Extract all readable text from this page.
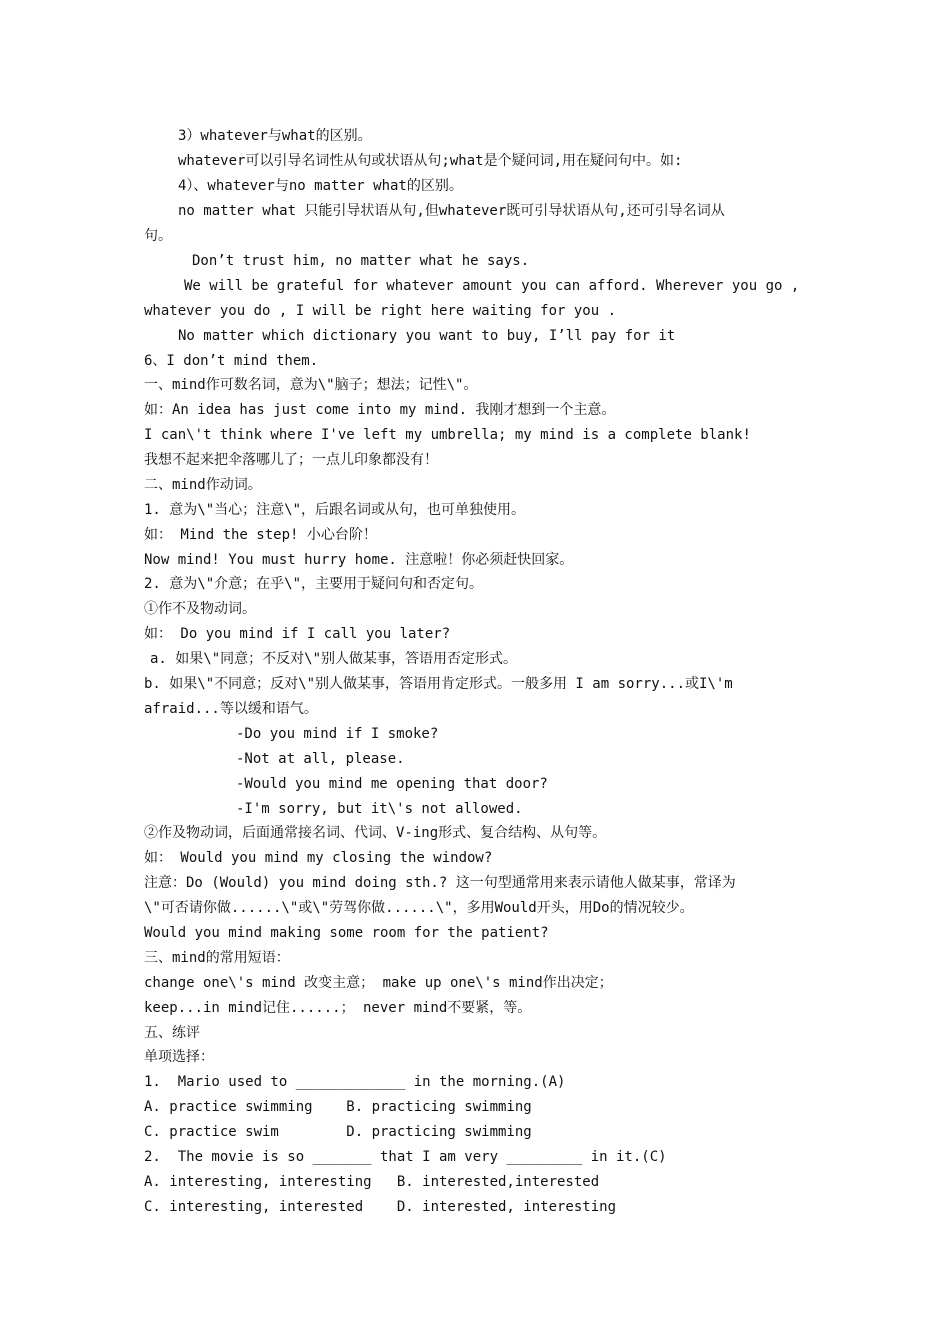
3）whatever与what的区别。
whatever可以引导名词性从句或状语从句;what是个疑问词,用在疑问句中。如:
4）、whatever与no matter what的区别。
no matter what 只能引导状语从句,但whatever既可引导状语从句,还可引导名词从
句。
Don’t trust him, no matter what he says.
We will be grateful for whatever amount you can afford. Wherever you go ,
whatever you do , I will be right here waiting for you .
No matter which dictionary you want to buy, I’ll pay for it
6、I don’t mind them.
一、mind作可数名词，意为\"脑子；想法；记性\"。
如：An idea has just come into my mind. 我刚才想到一个主意。
I can\'t think where I've left my umbrella; my mind is a complete blank!
我想不起来把伞落哪儿了；一点儿印象都没有！
二、mind作动词。
1. 意为\"当心；注意\"，后跟名词或从句，也可单独使用。
如： Mind the step! 小心台阶！
Now mind! You must hurry home. 注意啦！你必须赶快回家。
2. 意为\"介意；在乎\"，主要用于疑问句和否定句。
①作不及物动词。
如： Do you mind if I call you later?
a. 如果\"同意；不反对\"别人做某事，答语用否定形式。
b. 如果\"不同意；反对\"别人做某事，答语用肯定形式。一般多用 I am sorry...或I\'m
afraid...等以缓和语气。
-Do you mind if I smoke?
-Not at all, please.
-Would you mind me opening that door?
-I'm sorry, but it\'s not allowed.
②作及物动词，后面通常接名词、代词、V-ing形式、复合结构、从句等。
如： Would you mind my closing the window?
注意：Do (Would) you mind doing sth.? 这一句型通常用来表示请他人做某事，常译为
\"可否请你做......\"或\"劳驾你做......\"，多用Would开头，用Do的情况较少。
Would you mind making some room for the patient?
三、mind的常用短语：
change one\'s mind 改变主意； make up one\'s mind作出决定；
keep...in mind记住......； never mind不要紧，等。
五、练评
单项选择：
1.  Mario used to _____________ in the morning.(A)
A. practice swimming    B. practicing swimming
C. practice swim        D. practicing swimming
2.  The movie is so _______ that I am very _________ in it.(C)
A. interesting, interesting   B. interested,interested
C. interesting, interested    D. interested, interesting
